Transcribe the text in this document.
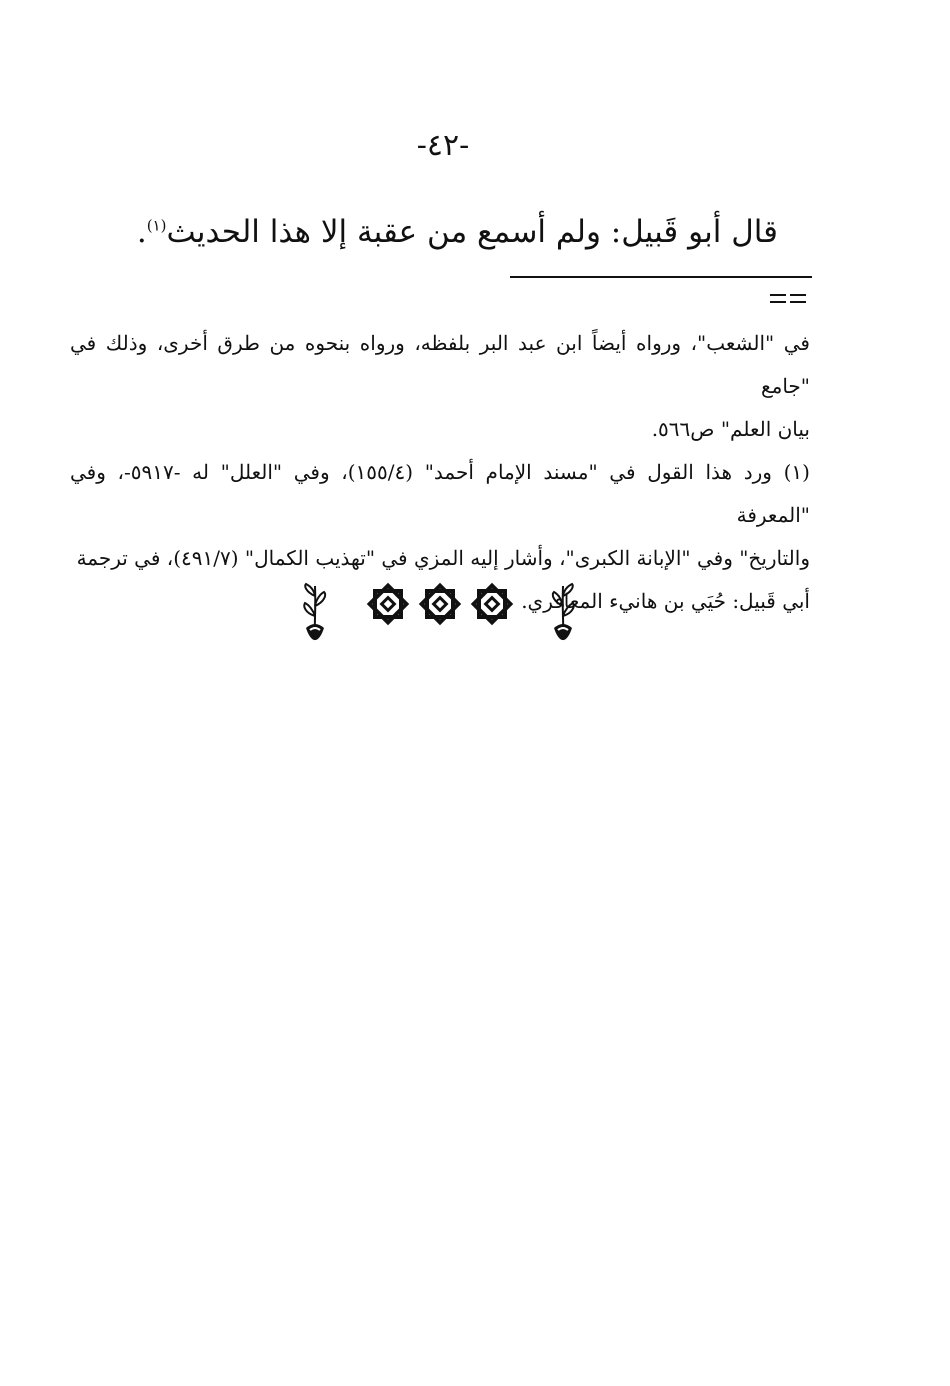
-٤٢-
قال أبو قَبيل: ولم أسمع من عقبة إلا هذا الحديث$^{(١)}$.

في "الشعب"، ورواه أيضاً ابن عبد البر بلفظه، ورواه بنحوه من طرق أخرى، وذلك في "جامع

بيان العلم" ص٥٦٦.

(١) ورد هذا القول في "مسند الإمام أحمد" (١٥٥/٤)، وفي "العلل" له -٥٩١٧-، وفي "المعرفة

والتاريخ" وفي "الإبانة الكبرى"، وأشار إليه المزي في "تهذيب الكمال" (٤٩١/٧)، في ترجمة

أبي قَبيل: حُيَي بن هانيء المعافري.
